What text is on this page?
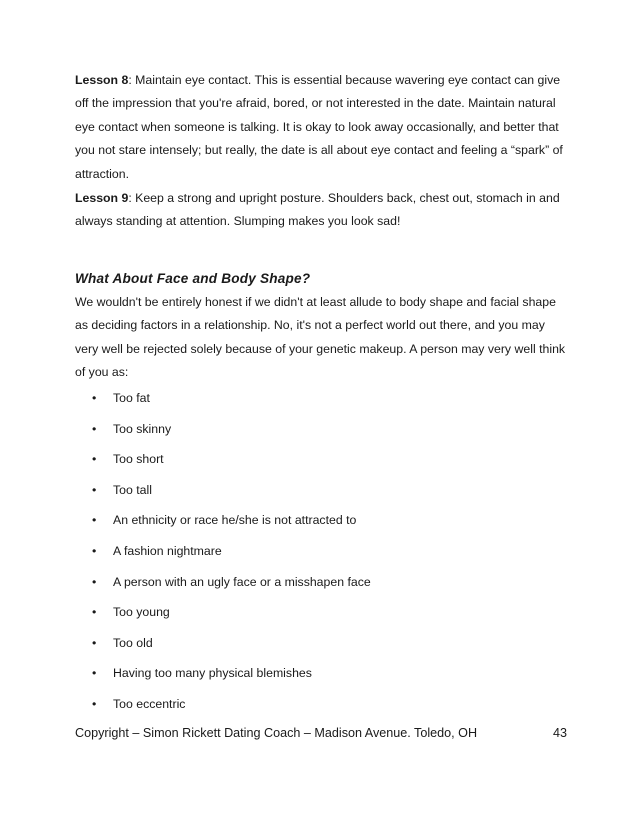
Lesson 8: Maintain eye contact. This is essential because wavering eye contact can give off the impression that you're afraid, bored, or not interested in the date. Maintain natural eye contact when someone is talking. It is okay to look away occasionally, and better that you not stare intensely; but really, the date is all about eye contact and feeling a “spark” of attraction.

Lesson 9: Keep a strong and upright posture. Shoulders back, chest out, stomach in and always standing at attention. Slumping makes you look sad!

What About Face and Body Shape?

We wouldn't be entirely honest if we didn't at least allude to body shape and facial shape as deciding factors in a relationship. No, it's not a perfect world out there, and you may very well be rejected solely because of your genetic makeup. A person may very well think of you as:

• Too fat
• Too skinny
• Too short
• Too tall
• An ethnicity or race he/she is not attracted to
• A fashion nightmare
• A person with an ugly face or a misshapen face
• Too young
• Too old
• Having too many physical blemishes
• Too eccentric
Copyright – Simon Rickett Dating Coach – Madison Avenue. Toledo, OH	43
